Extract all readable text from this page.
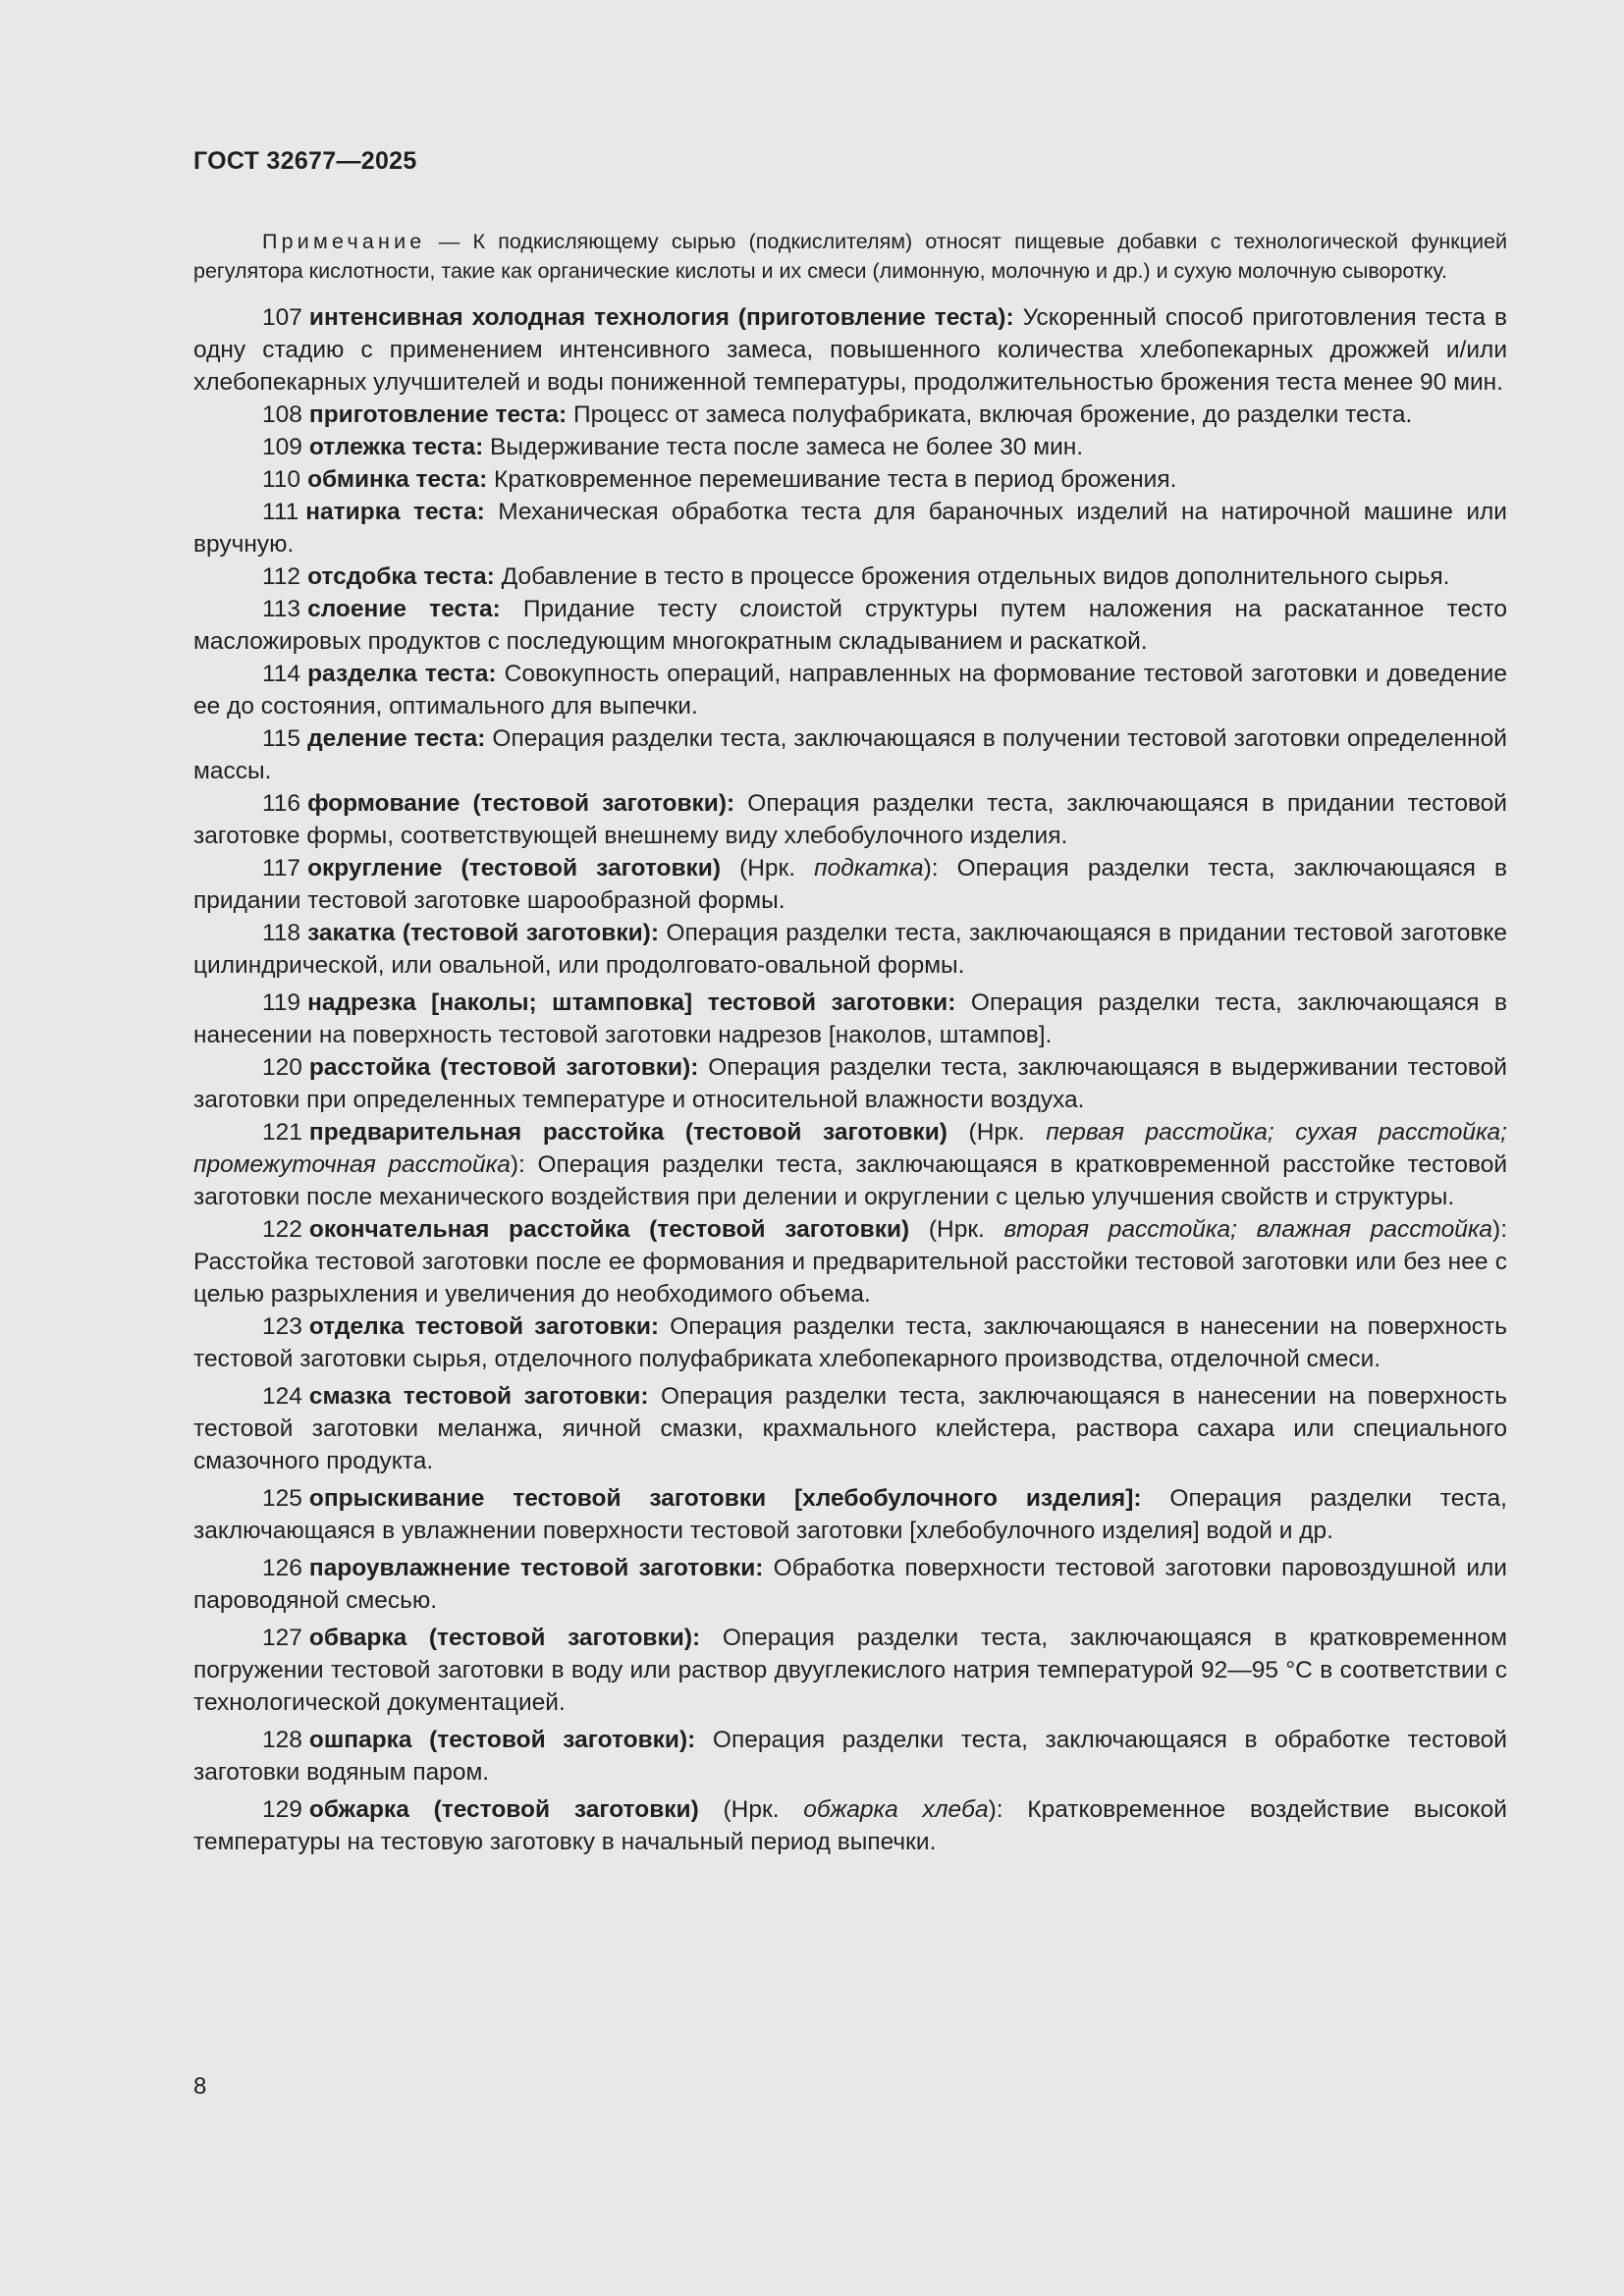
ГОСТ 32677—2025

Примечание — К подкисляющему сырью (подкислителям) относят пищевые добавки с технологической функцией регулятора кислотности, такие как органические кислоты и их смеси (лимонную, молочную и др.) и сухую молочную сыворотку.

107 интенсивная холодная технология (приготовление теста): Ускоренный способ приготовления теста в одну стадию с применением интенсивного замеса, повышенного количества хлебопекарных дрожжей и/или хлебопекарных улучшителей и воды пониженной температуры, продолжительностью брожения теста менее 90 мин.

108 приготовление теста: Процесс от замеса полуфабриката, включая брожение, до разделки теста.

109 отлежка теста: Выдерживание теста после замеса не более 30 мин.

110 обминка теста: Кратковременное перемешивание теста в период брожения.

111 натирка теста: Механическая обработка теста для бараночных изделий на натирочной машине или вручную.

112 отсдобка теста: Добавление в тесто в процессе брожения отдельных видов дополнительного сырья.

113 слоение теста: Придание тесту слоистой структуры путем наложения на раскатанное тесто масложировых продуктов с последующим многократным складыванием и раскаткой.

114 разделка теста: Совокупность операций, направленных на формование тестовой заготовки и доведение ее до состояния, оптимального для выпечки.

115 деление теста: Операция разделки теста, заключающаяся в получении тестовой заготовки определенной массы.

116 формование (тестовой заготовки): Операция разделки теста, заключающаяся в придании тестовой заготовке формы, соответствующей внешнему виду хлебобулочного изделия.

117 округление (тестовой заготовки) (Нрк. подкатка): Операция разделки теста, заключающаяся в придании тестовой заготовке шарообразной формы.

118 закатка (тестовой заготовки): Операция разделки теста, заключающаяся в придании тестовой заготовке цилиндрической, или овальной, или продолговато-овальной формы.

119 надрезка [наколы; штамповка] тестовой заготовки: Операция разделки теста, заключающаяся в нанесении на поверхность тестовой заготовки надрезов [наколов, штампов].

120 расстойка (тестовой заготовки): Операция разделки теста, заключающаяся в выдерживании тестовой заготовки при определенных температуре и относительной влажности воздуха.

121 предварительная расстойка (тестовой заготовки) (Нрк. первая расстойка; сухая расстойка; промежуточная расстойка): Операция разделки теста, заключающаяся в кратковременной расстойке тестовой заготовки после механического воздействия при делении и округлении с целью улучшения свойств и структуры.

122 окончательная расстойка (тестовой заготовки) (Нрк. вторая расстойка; влажная расстойка): Расстойка тестовой заготовки после ее формования и предварительной расстойки тестовой заготовки или без нее с целью разрыхления и увеличения до необходимого объема.

123 отделка тестовой заготовки: Операция разделки теста, заключающаяся в нанесении на поверхность тестовой заготовки сырья, отделочного полуфабриката хлебопекарного производства, отделочной смеси.

124 смазка тестовой заготовки: Операция разделки теста, заключающаяся в нанесении на поверхность тестовой заготовки меланжа, яичной смазки, крахмального клейстера, раствора сахара или специального смазочного продукта.

125 опрыскивание тестовой заготовки [хлебобулочного изделия]: Операция разделки теста, заключающаяся в увлажнении поверхности тестовой заготовки [хлебобулочного изделия] водой и др.

126 пароувлажнение тестовой заготовки: Обработка поверхности тестовой заготовки паровоздушной или пароводяной смесью.

127 обварка (тестовой заготовки): Операция разделки теста, заключающаяся в кратковременном погружении тестовой заготовки в воду или раствор двууглекислого натрия температурой 92—95 °C в соответствии с технологической документацией.

128 ошпарка (тестовой заготовки): Операция разделки теста, заключающаяся в обработке тестовой заготовки водяным паром.

129 обжарка (тестовой заготовки) (Нрк. обжарка хлеба): Кратковременное воздействие высокой температуры на тестовую заготовку в начальный период выпечки.

8
